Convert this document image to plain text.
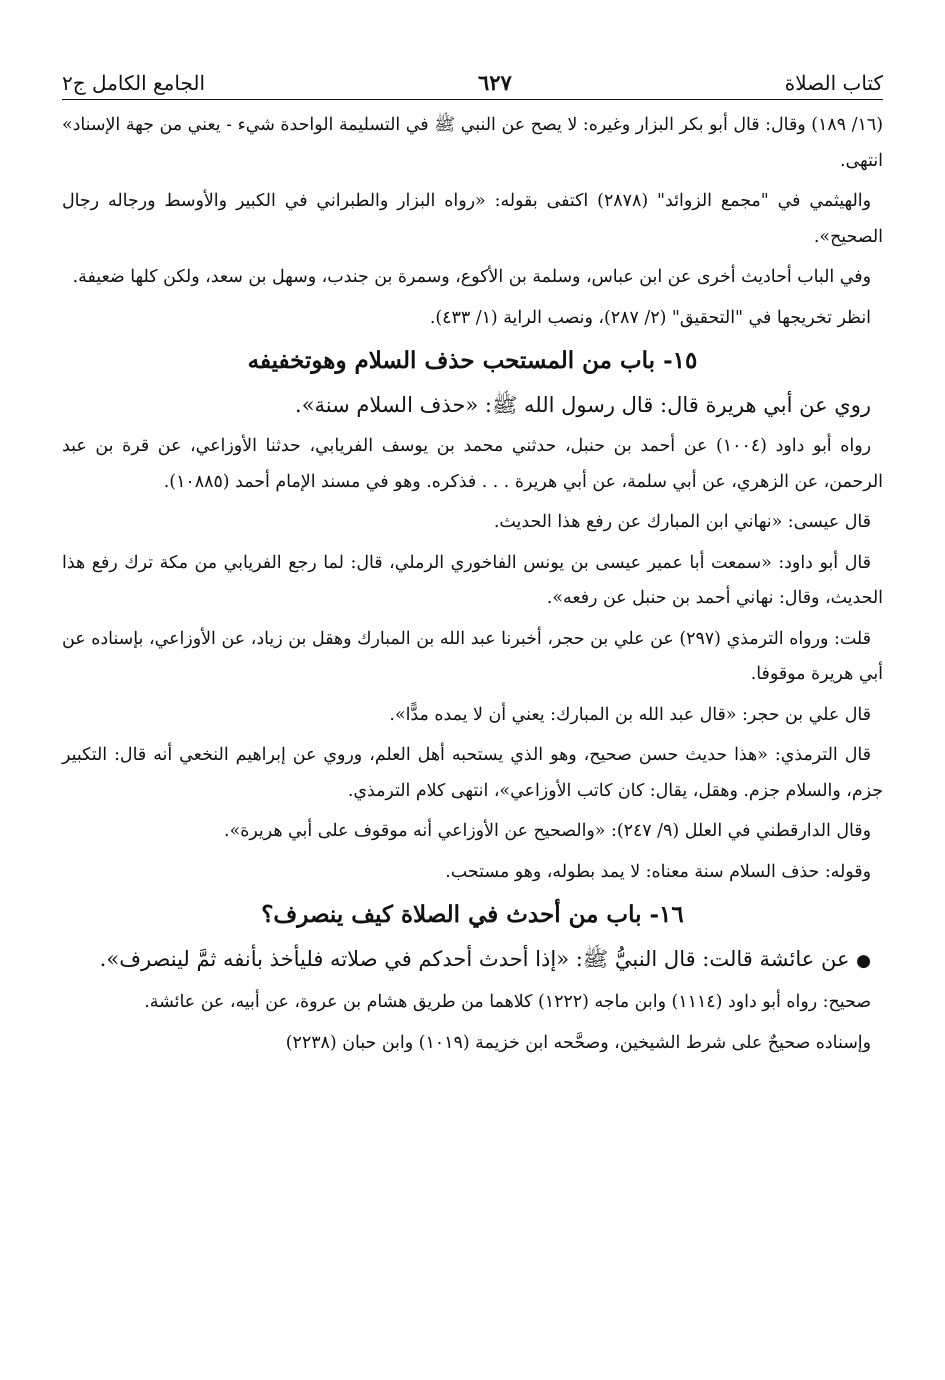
كتاب الصلاة
٦٢٧
الجامع الكامل ج٢

(١٦/ ١٨٩) وقال: قال أبو بكر البزار وغيره: لا يصح عن النبي ﷺ في التسليمة الواحدة شيء - يعني من جهة الإسناد» انتهى.

والهيثمي في "مجمع الزوائد" (٢٨٧٨) اكتفى بقوله: «رواه البزار والطبراني في الكبير والأوسط ورجاله رجال الصحيح».

وفي الباب أحاديث أخرى عن ابن عباس، وسلمة بن الأكوع، وسمرة بن جندب، وسهل بن سعد، ولكن كلها ضعيفة.

انظر تخريجها في "التحقيق" (٢/ ٢٨٧)، ونصب الراية (١/ ٤٣٣).

١٥- باب من المستحب حذف السلام وهوتخفيفه

روي عن أبي هريرة قال: قال رسول الله ﷺ: «حذف السلام سنة».

رواه أبو داود (١٠٠٤) عن أحمد بن حنبل، حدثني محمد بن يوسف الفريابي، حدثنا الأوزاعي، عن قرة بن عبد الرحمن، عن الزهري، عن أبي سلمة، عن أبي هريرة . . . فذكره. وهو في مسند الإمام أحمد (١٠٨٨٥).

قال عيسى: «نهاني ابن المبارك عن رفع هذا الحديث.

قال أبو داود: «سمعت أبا عمير عيسى بن يونس الفاخوري الرملي، قال: لما رجع الفريابي من مكة ترك رفع هذا الحديث، وقال: نهاني أحمد بن حنبل عن رفعه».

قلت: ورواه الترمذي (٢٩٧) عن علي بن حجر، أخبرنا عبد الله بن المبارك وهقل بن زياد، عن الأوزاعي، بإسناده عن أبي هريرة موقوفا.

قال علي بن حجر: «قال عبد الله بن المبارك: يعني أن لا يمده مدًّا».

قال الترمذي: «هذا حديث حسن صحيح، وهو الذي يستحبه أهل العلم، وروي عن إبراهيم النخعي أنه قال: التكبير جزم، والسلام جزم. وهقل، يقال: كان كاتب الأوزاعي»، انتهى كلام الترمذي.

وقال الدارقطني في العلل (٩/ ٢٤٧): «والصحيح عن الأوزاعي أنه موقوف على أبي هريرة».

وقوله: حذف السلام سنة معناه: لا يمد بطوله، وهو مستحب.

١٦- باب من أحدث في الصلاة كيف ينصرف؟

● عن عائشة قالت: قال النبيُّ ﷺ: «إذا أحدث أحدكم في صلاته فليأخذ بأنفه ثمَّ لينصرف».

صحيح: رواه أبو داود (١١١٤) وابن ماجه (١٢٢٢) كلاهما من طريق هشام بن عروة، عن أبيه، عن عائشة.

وإسناده صحيحٌ على شرط الشيخين، وصحَّحه ابن خزيمة (١٠١٩) وابن حبان (٢٢٣٨)
